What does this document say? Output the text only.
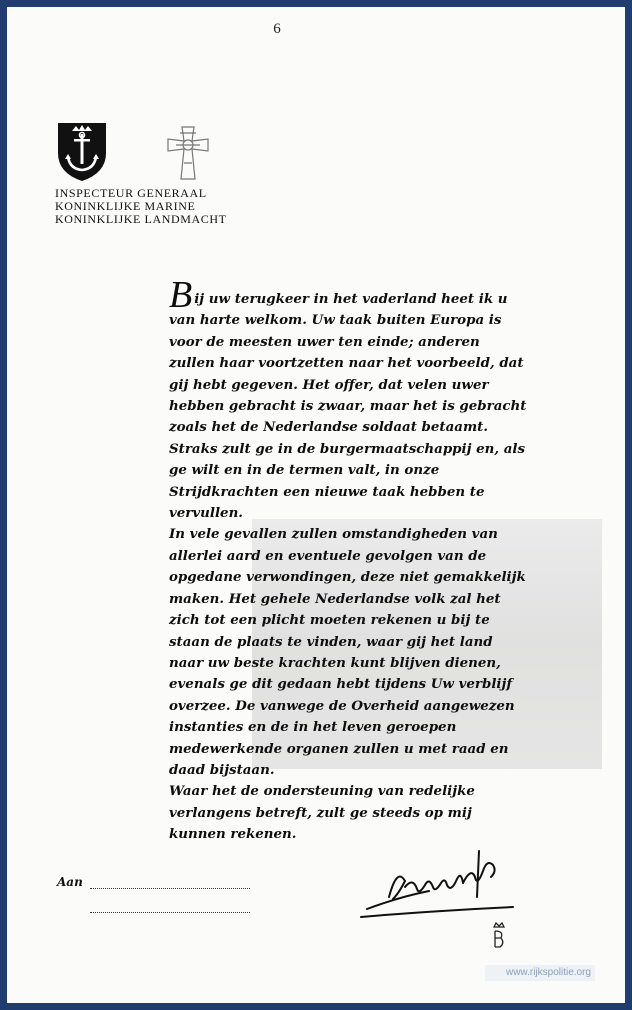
6
INSPECTEUR GENERAAL
KONINKLIJKE MARINE
KONINKLIJKE LANDMACHT

Bij uw terugkeer in het vaderland heet ik u van harte welkom. Uw taak buiten Europa is voor de meesten uwer ten einde; anderen zullen haar voortzetten naar het voorbeeld, dat gij hebt gegeven. Het offer, dat velen uwer hebben gebracht is zwaar, maar het is gebracht zoals het de Nederlandse soldaat betaamt. Straks zult ge in de burgermaatschappij en, als ge wilt en in de termen valt, in onze Strijdkrachten een nieuwe taak hebben te vervullen.

In vele gevallen zullen omstandigheden van allerlei aard en eventuele gevolgen van de opgedane verwondingen, deze niet gemakkelijk maken. Het gehele Nederlandse volk zal het zich tot een plicht moeten rekenen u bij te staan de plaats te vinden, waar gij het land naar uw beste krachten kunt blijven dienen, evenals ge dit gedaan hebt tijdens Uw verblijf overzee. De vanwege de Overheid aangewezen instanties en de in het leven geroepen medewerkende organen zullen u met raad en daad bijstaan.

Waar het de ondersteuning van redelijke verlangens betreft, zult ge steeds op mij kunnen rekenen.

Aan
www.rijkspolitie.org
